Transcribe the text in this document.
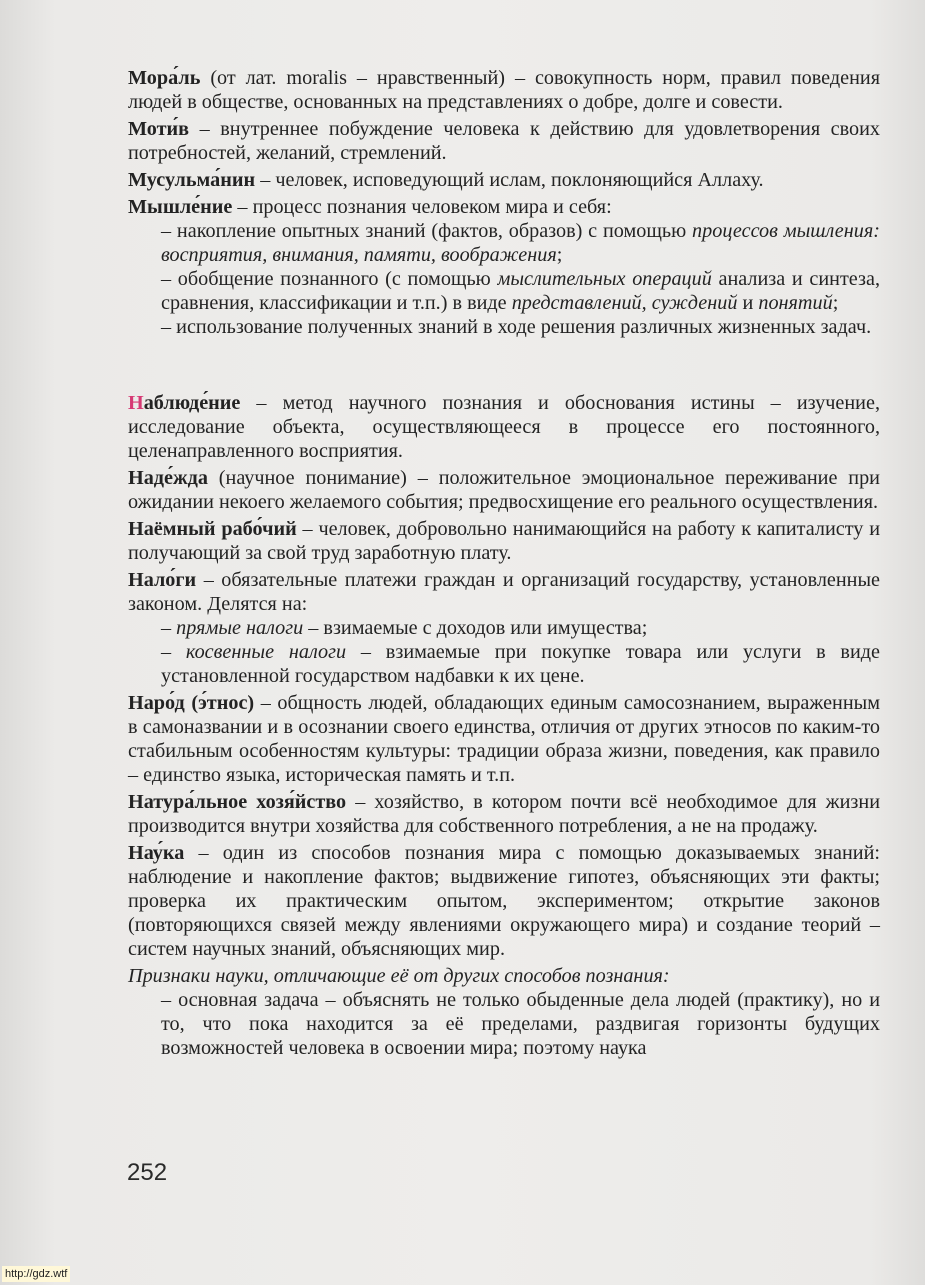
Мора́ль (от лат. moralis – нравственный) – совокупность норм, правил поведения людей в обществе, основанных на представлениях о добре, долге и совести.

Моти́в – внутреннее побуждение человека к действию для удовлетворения своих потребностей, желаний, стремлений.

Мусульма́нин – человек, исповедующий ислам, поклоняющийся Аллаху.

Мышле́ние – процесс познания человеком мира и себя:

– накопление опытных знаний (фактов, образов) с помощью процессов мышления: восприятия, внимания, памяти, воображения;

– обобщение познанного (с помощью мыслительных операций анализа и синтеза, сравнения, классификации и т.п.) в виде представлений, суждений и понятий;

– использование полученных знаний в ходе решения различных жизненных задач.

Наблюде́ние – метод научного познания и обоснования истины – изучение, исследование объекта, осуществляющееся в процессе его постоянного, целенаправленного восприятия.

Наде́жда (научное понимание) – положительное эмоциональное переживание при ожидании некоего желаемого события; предвосхищение его реального осуществления.

Наёмный рабо́чий – человек, добровольно нанимающийся на работу к капиталисту и получающий за свой труд заработную плату.

Нало́ги – обязательные платежи граждан и организаций государству, установленные законом. Делятся на:

– прямые налоги – взимаемые с доходов или имущества;

– косвенные налоги – взимаемые при покупке товара или услуги в виде установленной государством надбавки к их цене.

Наро́д (э́тнос) – общность людей, обладающих единым самосознанием, выраженным в самоназвании и в осознании своего единства, отличия от других этносов по каким-то стабильным особенностям культуры: традиции образа жизни, поведения, как правило – единство языка, историческая память и т.п.

Натура́льное хозя́йство – хозяйство, в котором почти всё необходимое для жизни производится внутри хозяйства для собственного потребления, а не на продажу.

Нау́ка – один из способов познания мира с помощью доказываемых знаний: наблюдение и накопление фактов; выдвижение гипотез, объясняющих эти факты; проверка их практическим опытом, экспериментом; открытие законов (повторяющихся связей между явлениями окружающего мира) и создание теорий – систем научных знаний, объясняющих мир.

Признаки науки, отличающие её от других способов познания:

– основная задача – объяснять не только обыденные дела людей (практику), но и то, что пока находится за её пределами, раздвигая горизонты будущих возможностей человека в освоении мира; поэтому наука

252
http://gdz.wtf
